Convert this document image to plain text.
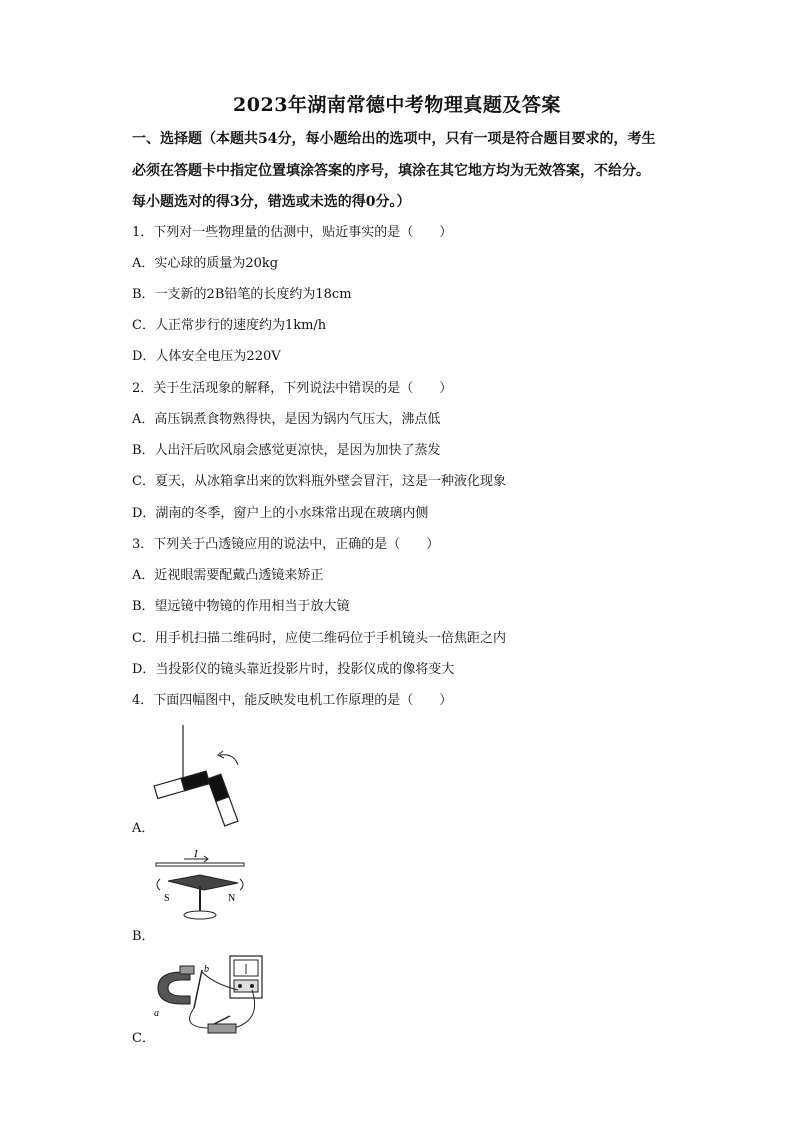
2023年湖南常德中考物理真题及答案
一、选择题（本题共54分，每小题给出的选项中，只有一项是符合题目要求的，考生
必须在答题卡中指定位置填涂答案的序号，填涂在其它地方均为无效答案，不给分。
每小题选对的得3分，错选或未选的得0分。）
1．下列对一些物理量的估测中，贴近事实的是（　　）
A．实心球的质量为20kg
B．一支新的2B铅笔的长度约为18cm
C．人正常步行的速度约为1km/h
D．人体安全电压为220V
2．关于生活现象的解释，下列说法中错误的是（　　）
A．高压锅煮食物熟得快，是因为锅内气压大，沸点低
B．人出汗后吹风扇会感觉更凉快，是因为加快了蒸发
C．夏天，从冰箱拿出来的饮料瓶外壁会冒汗，这是一种液化现象
D．湖南的冬季，窗户上的小水珠常出现在玻璃内侧
3．下列关于凸透镜应用的说法中，正确的是（　　）
A．近视眼需要配戴凸透镜来矫正
B．望远镜中物镜的作用相当于放大镜
C．用手机扫描二维码时，应使二维码位于手机镜头一倍焦距之内
D．当投影仪的镜头靠近投影片时，投影仪成的像将变大
4．下面四幅图中，能反映发电机工作原理的是（　　）
A．
I
S	N
B．
b
a
C．
